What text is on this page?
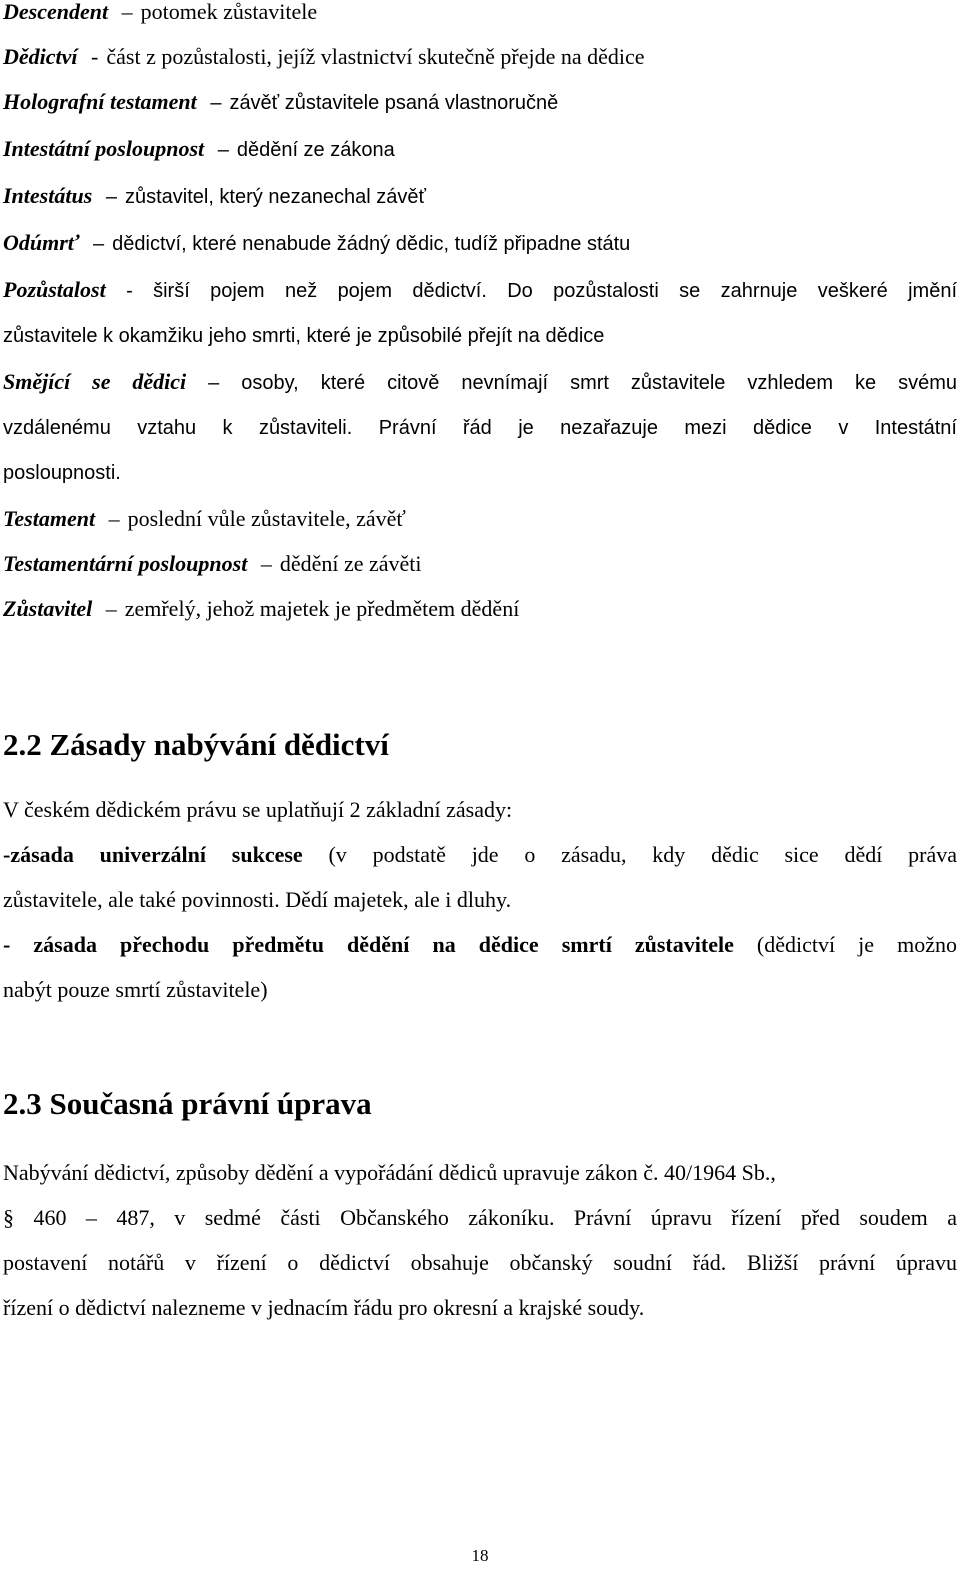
Descendent – potomek zůstavitele

Dědictví - část z pozůstalosti, jejíž vlastnictví skutečně přejde na dědice

Holografní testament – závěť zůstavitele psaná vlastnoručně

Intestátní posloupnost – dědění ze zákona

Intestátus – zůstavitel, který nezanechal závěť

Odúmrť – dědictví, které nenabude žádný dědic, tudíž připadne státu

Pozůstalost - širší pojem než pojem dědictví. Do pozůstalosti se zahrnuje veškeré jmění

zůstavitele k okamžiku jeho smrti, které je způsobilé přejít na dědice

Smějící se dědici – osoby, které citově nevnímají smrt zůstavitele vzhledem ke svému

vzdálenému vztahu k zůstaviteli. Právní řád je nezařazuje mezi dědice v Intestátní

posloupnosti.

Testament – poslední vůle zůstavitele, závěť

Testamentární posloupnost – dědění ze závěti

Zůstavitel – zemřelý, jehož majetek je předmětem dědění

2.2 Zásady nabývání dědictví

V českém dědickém právu se uplatňují 2 základní zásady:

-zásada univerzální sukcese (v podstatě jde o zásadu, kdy dědic sice dědí práva

zůstavitele, ale také povinnosti. Dědí majetek, ale i dluhy.

- zásada přechodu předmětu dědění na dědice smrtí zůstavitele (dědictví je možno

nabýt pouze smrtí zůstavitele)

2.3 Současná právní úprava

Nabývání dědictví, způsoby dědění a vypořádání dědiců upravuje zákon č. 40/1964 Sb.,

§ 460 – 487, v sedmé části Občanského zákoníku. Právní úpravu řízení před soudem a

postavení notářů v řízení o dědictví obsahuje občanský soudní řád. Bližší právní úpravu

řízení o dědictví nalezneme v jednacím řádu pro okresní a krajské soudy.

18
